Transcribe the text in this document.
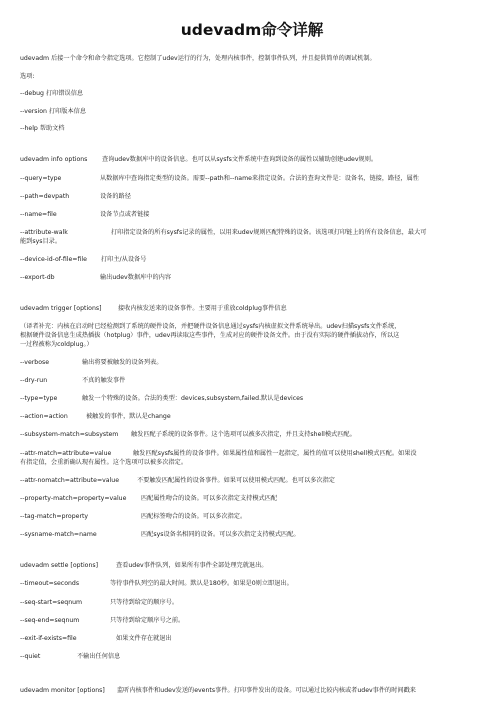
udevadm命令详解
udevadm 后接一个命令和命令指定选项。它控制了udev运行的行为，处理内核事件，控制事件队列，并且提供简单的调试机制。
选项:
--debug 打印错误信息
--version 打印版本信息
--help 帮助文档
udevadm info options 查询udev数据库中的设备信息。也可以从sysfs文件系统中查询到设备的属性以辅助创建udev规则。
--query=type	从数据库中查询指定类型的设备。需要--path和--name来指定设备。合法的查询文件是：设备名，链接，路径，属性
--path=devpath	设备的路径
--name=file	设备节点或者链接
--attribute-walk	打印指定设备的所有sysfs记录的属性，以用来udev规则匹配特殊的设备。该选项打印链上的所有设备信息，最大可
能到sys目录。
--device-id-of-file=file 打印主/从设备号
--export-db	输出udev数据库中的内容
udevadm trigger [options]	接收内核发送来的设备事件。主要用于重放coldplug事件信息
（译者补充：内核在启动时已经检测到了系统的硬件设备，并把硬件设备信息通过sysfs内核虚拟文件系统导出。udev扫描sysfs文件系统，
根据硬件设备信息生成热插拔（hotplug）事件，udev再读取这些事件，生成对应的硬件设备文件。由于没有实际的硬件插拔动作，所以这
一过程被称为coldplug。）
--verbose	输出将要被触发的设备列表。
--dry-run	不真的触发事件
--type=type	触发一个特殊的设备。合法的类型：devices,subsystem,failed.默认是devices
--action=action	被触发的事件，默认是change
--subsystem-match=subsystem 触发匹配子系统的设备事件。这个选项可以被多次指定，并且支持shell模式匹配。
--attr-match=attribute=value	触发匹配sysfs属性的设备事件。如果属性值和属性一起指定，属性的值可以使用shell模式匹配。如果没
有指定值，会重新确认现有属性。这个选项可以被多次指定。
--attr-nomatch=attribute=value	不要触发匹配属性的设备事件。如果可以使用模式匹配。也可以多次指定
--property-match=property=value 匹配属性吻合的设备。可以多次指定支持模式匹配
--tag-match=property	匹配标签吻合的设备。可以多次指定。
--sysname-match=name	匹配sys设备名相同的设备。可以多次指定支持模式匹配。
udevadm settle [options]	查看udev事件队列，如果所有事件全部处理完就退出。
--timeout=seconds	等待事件队列空的最大时间。默认是180秒。如果是0则立即退出。
--seq-start=seqnum	只等待到给定的顺序号。
--seq-end=seqnum	只等待到给定顺序号之前。
--exit-if-exists=file	如果文件存在就退出
--quiet	不输出任何信息
udevadm monitor [options] 监听内核事件和udev发送的events事件。打印事件发出的设备。可以通过比较内核或者udev事件的时间戳来
